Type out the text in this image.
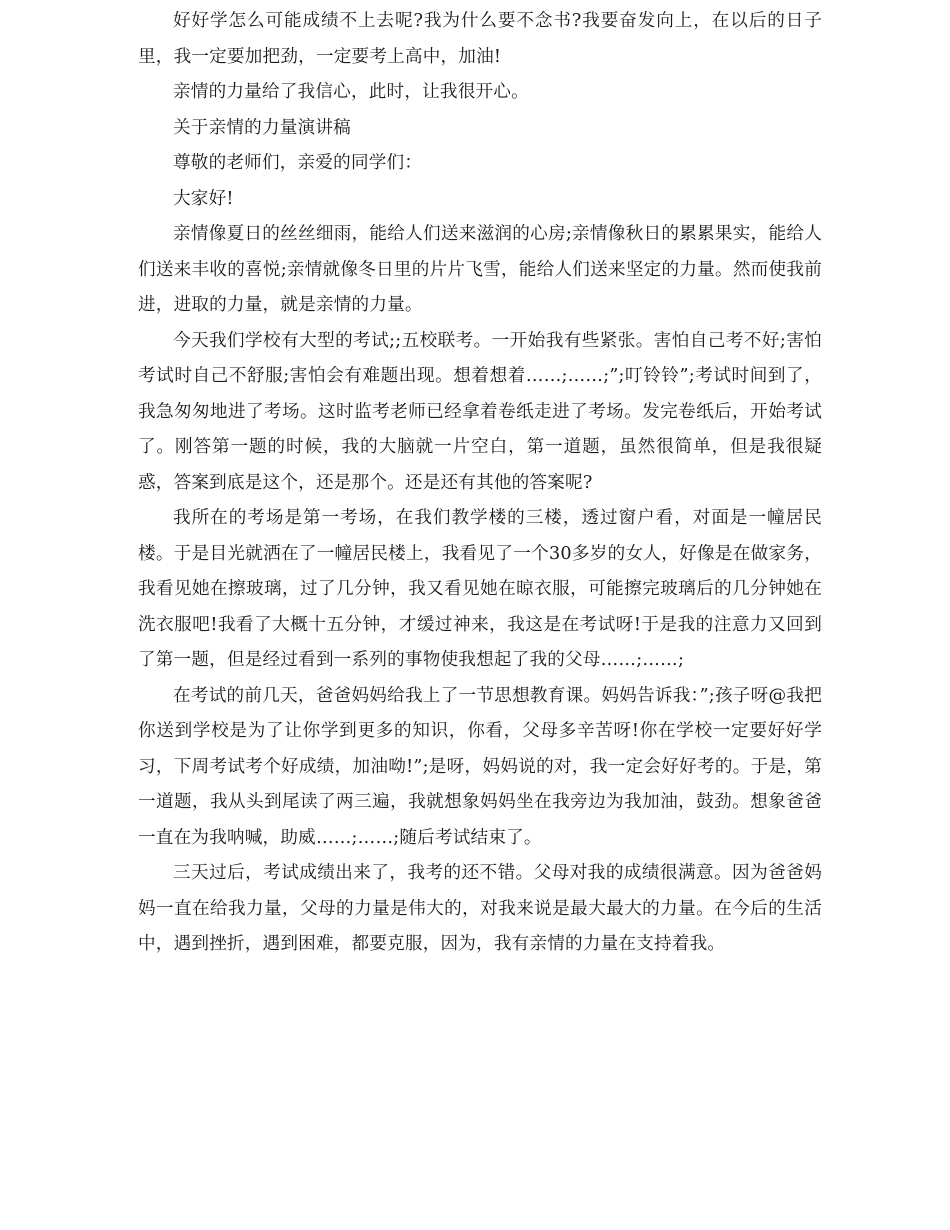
好好学怎么可能成绩不上去呢?我为什么要不念书?我要奋发向上，在以后的日子里，我一定要加把劲，一定要考上高中，加油!

亲情的力量给了我信心，此时，让我很开心。

关于亲情的力量演讲稿

尊敬的老师们，亲爱的同学们：

大家好!

亲情像夏日的丝丝细雨，能给人们送来滋润的心房;亲情像秋日的累累果实，能给人们送来丰收的喜悦;亲情就像冬日里的片片飞雪，能给人们送来坚定的力量。然而使我前进，进取的力量，就是亲情的力量。

今天我们学校有大型的考试;;五校联考。一开始我有些紧张。害怕自己考不好;害怕考试时自己不舒服;害怕会有难题出现。想着想着……;……;”;叮铃铃”;考试时间到了，我急匆匆地进了考场。这时监考老师已经拿着卷纸走进了考场。发完卷纸后，开始考试了。刚答第一题的时候，我的大脑就一片空白，第一道题，虽然很简单，但是我很疑惑，答案到底是这个，还是那个。还是还有其他的答案呢?

我所在的考场是第一考场，在我们教学楼的三楼，透过窗户看，对面是一幢居民楼。于是目光就洒在了一幢居民楼上，我看见了一个30多岁的女人，好像是在做家务，我看见她在擦玻璃，过了几分钟，我又看见她在晾衣服，可能擦完玻璃后的几分钟她在洗衣服吧!我看了大概十五分钟，才缓过神来，我这是在考试呀!于是我的注意力又回到了第一题，但是经过看到一系列的事物使我想起了我的父母……;……;

在考试的前几天，爸爸妈妈给我上了一节思想教育课。妈妈告诉我：”;孩子呀@我把你送到学校是为了让你学到更多的知识，你看，父母多辛苦呀!你在学校一定要好好学习，下周考试考个好成绩，加油呦!”;是呀，妈妈说的对，我一定会好好考的。于是，第一道题，我从头到尾读了两三遍，我就想象妈妈坐在我旁边为我加油，鼓劲。想象爸爸一直在为我呐喊，助威……;……;随后考试结束了。

三天过后，考试成绩出来了，我考的还不错。父母对我的成绩很满意。因为爸爸妈妈一直在给我力量，父母的力量是伟大的，对我来说是最大最大的力量。在今后的生活中，遇到挫折，遇到困难，都要克服，因为，我有亲情的力量在支持着我。
